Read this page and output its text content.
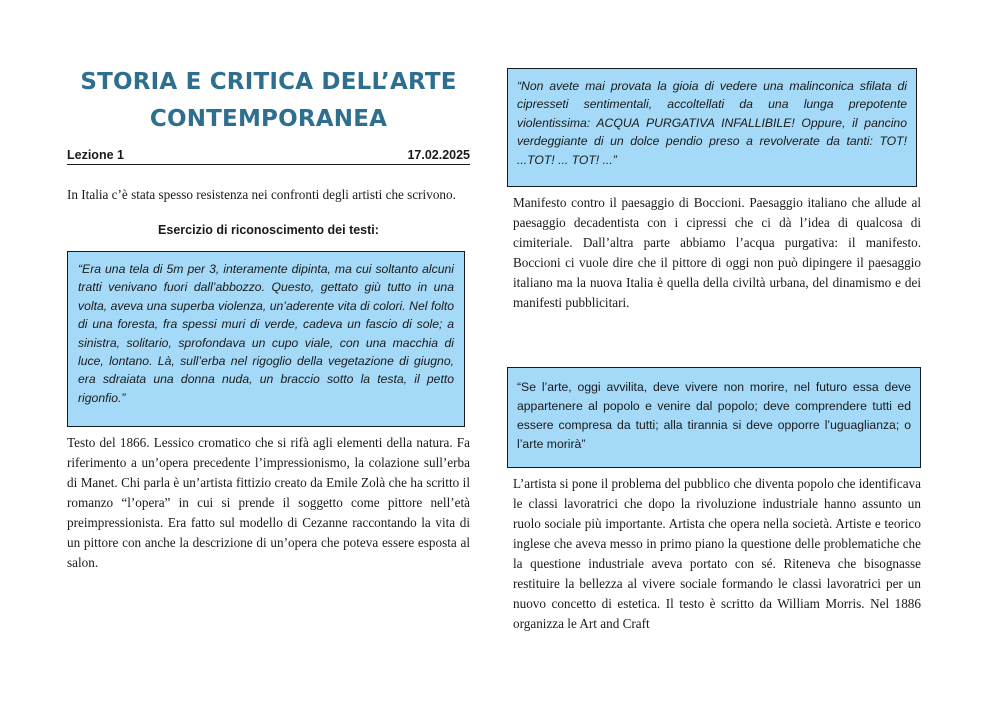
STORIA E CRITICA DELL’ARTE
CONTEMPORANEA
Lezione 1	17.02.2025

In Italia c’è stata spesso resistenza nei confronti degli artisti che scrivono.

Esercizio di riconoscimento dei testi:
“Era una tela di 5m per 3, interamente dipinta, ma cui soltanto alcuni tratti venivano fuori dall’abbozzo. Questo, gettato giù tutto in una volta, aveva una superba violenza, un’aderente vita di colori. Nel folto di una foresta, fra spessi muri di verde, cadeva un fascio di sole; a sinistra, solitario, sprofondava un cupo viale, con una macchia di luce, lontano. Là, sull’erba nel rigoglio della vegetazione di giugno, era sdraiata una donna nuda, un braccio sotto la testa, il petto rigonfio.”

Testo del 1866. Lessico cromatico che si rifà agli elementi della natura. Fa riferimento a un’opera precedente l’impressionismo, la colazione sull’erba di Manet. Chi parla è un’artista fittizio creato da Emile Zolà che ha scritto il romanzo “l’opera” in cui si prende il soggetto come pittore nell’età preimpressionista. Era fatto sul modello di Cezanne raccontando la vita di un pittore con anche la descrizione di un’opera che poteva essere esposta al salon.

“Non avete mai provata la gioia di vedere una malinconica sfilata di cipresseti sentimentali, accoltellati da una lunga prepotente violentissima: ACQUA PURGATIVA INFALLIBILE! Oppure, il pancino verdeggiante di un dolce pendio preso a revolverate da tanti: TOT! ...TOT! ... TOT! ...”

Manifesto contro il paesaggio di Boccioni. Paesaggio italiano che allude al paesaggio decadentista con i cipressi che ci dà l’idea di qualcosa di cimiteriale. Dall’altra parte abbiamo l’acqua purgativa: il manifesto. Boccioni ci vuole dire che il pittore di oggi non può dipingere il paesaggio italiano ma la nuova Italia è quella della civiltà urbana, del dinamismo e dei manifesti pubblicitari.

“Se l’arte, oggi avvilita, deve vivere non morire, nel futuro essa deve appartenere al popolo e venire dal popolo; deve comprendere tutti ed essere compresa da tutti; alla tirannia si deve opporre l’uguaglianza; o l’arte morirà”

L’artista si pone il problema del pubblico che diventa popolo che identificava le classi lavoratrici che dopo la rivoluzione industriale hanno assunto un ruolo sociale più importante. Artista che opera nella società. Artiste e teorico inglese che aveva messo in primo piano la questione delle problematiche che la questione industriale aveva portato con sé. Riteneva che bisognasse restituire la bellezza al vivere sociale formando le classi lavoratrici per un nuovo concetto di estetica. Il testo è scritto da William Morris. Nel 1886 organizza le Art and Craft
